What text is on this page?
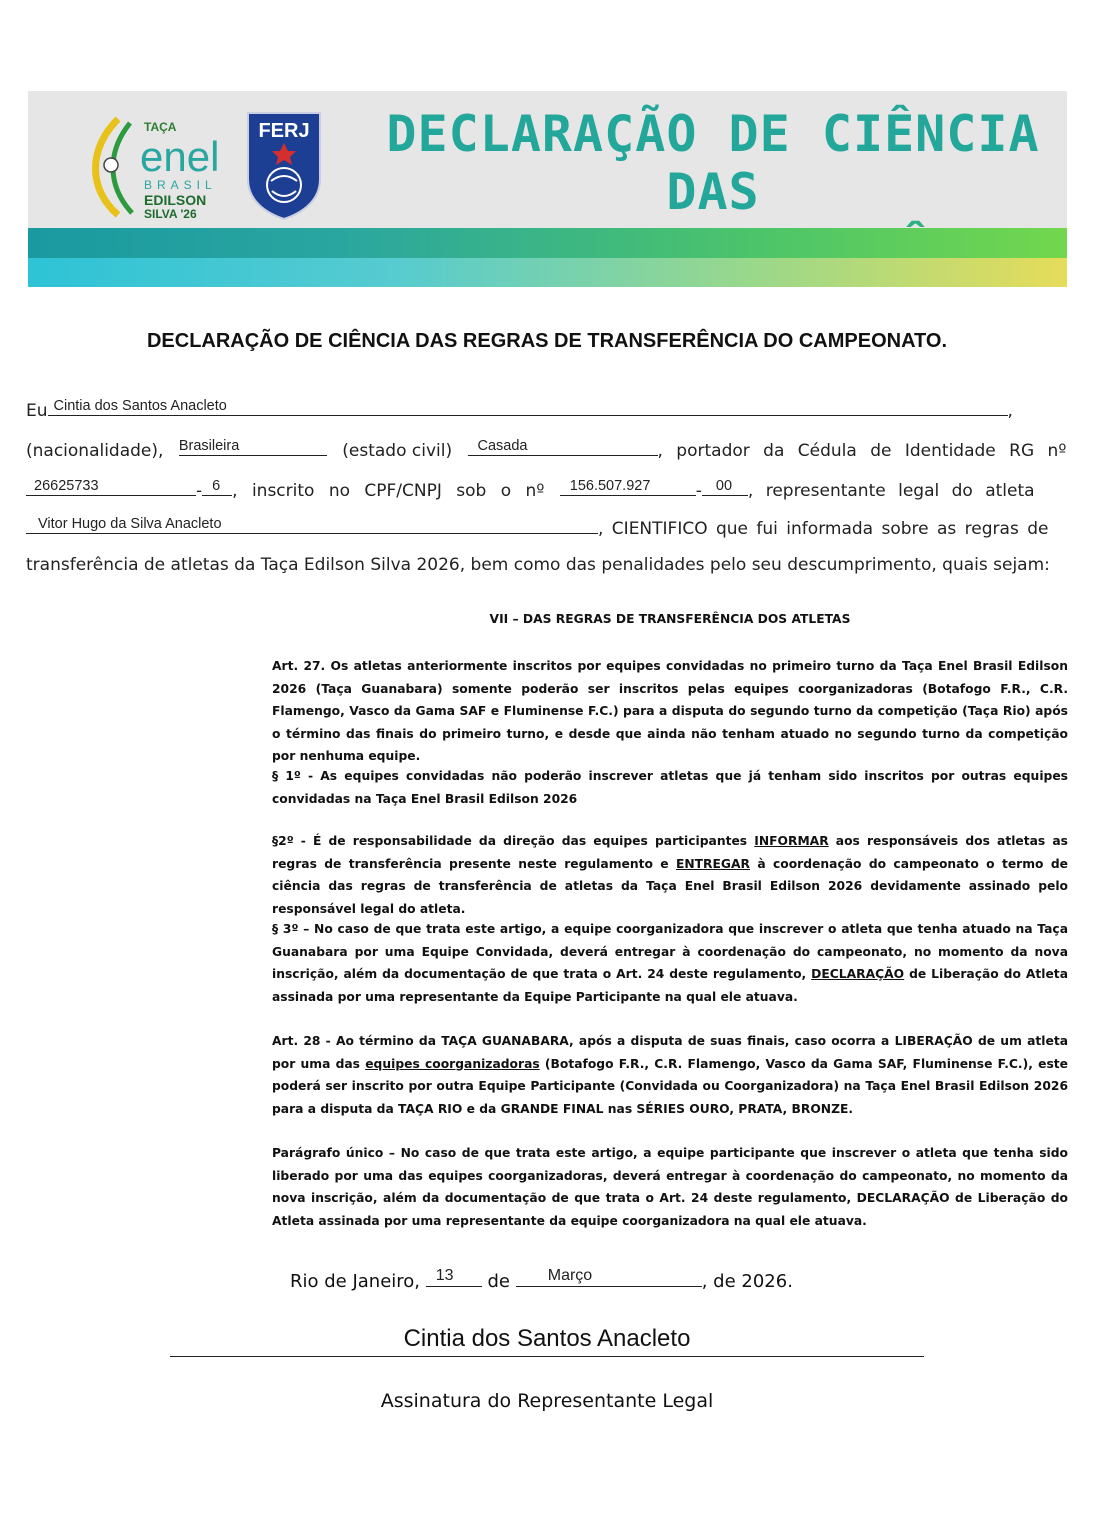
TAÇA
enel
BRASIL
EDILSON
SILVA '26
FERJ	DECLARAÇÃO DE CIÊNCIA DAS
DECLARAÇÃO DE CIÊNCIA DAS REGRAS DE TRANSFERÊNCIA DO CAMPEONATO.
Eu Cintia dos Santos Anacleto	,
(nacionalidade), Brasileira	(estado civil) Casada	, portador da Cédula de Identidade RG nº
26625733	- 6 , inscrito no CPF/CNPJ sob o nº 156.507.927	- 00 , representante legal do atleta
Vitor Hugo da Silva Anacleto	, CIENTIFICO que fui informada sobre as regras de
transferência de atletas da Taça Edilson Silva 2026, bem como das penalidades pelo seu descumprimento, quais sejam:
VII – DAS REGRAS DE TRANSFERÊNCIA DOS ATLETAS
Art. 27. Os atletas anteriormente inscritos por equipes convidadas no primeiro turno da Taça Enel Brasil Edilson 2026 (Taça Guanabara) somente poderão ser inscritos pelas equipes coorganizadoras (Botafogo F.R., C.R. Flamengo, Vasco da Gama SAF e Fluminense F.C.) para a disputa do segundo turno da competição (Taça Rio) após o término das finais do primeiro turno, e desde que ainda não tenham atuado no segundo turno da competição por nenhuma equipe.
§ 1º - As equipes convidadas não poderão inscrever atletas que já tenham sido inscritos por outras equipes convidadas na Taça Enel Brasil Edilson 2026
§2º - É de responsabilidade da direção das equipes participantes INFORMAR aos responsáveis dos atletas as regras de transferência presente neste regulamento e ENTREGAR à coordenação do campeonato o termo de ciência das regras de transferência de atletas da Taça Enel Brasil Edilson 2026 devidamente assinado pelo responsável legal do atleta.
§ 3º – No caso de que trata este artigo, a equipe coorganizadora que inscrever o atleta que tenha atuado na Taça Guanabara por uma Equipe Convidada, deverá entregar à coordenação do campeonato, no momento da nova inscrição, além da documentação de que trata o Art. 24 deste regulamento, DECLARAÇÃO de Liberação do Atleta assinada por uma representante da Equipe Participante na qual ele atuava.
Art. 28 - Ao término da TAÇA GUANABARA, após a disputa de suas finais, caso ocorra a LIBERAÇÃO de um atleta por uma das equipes coorganizadoras (Botafogo F.R., C.R. Flamengo, Vasco da Gama SAF, Fluminense F.C.), este poderá ser inscrito por outra Equipe Participante (Convidada ou Coorganizadora) na Taça Enel Brasil Edilson 2026 para a disputa da TAÇA RIO e da GRANDE FINAL nas SÉRIES OURO, PRATA, BRONZE.
Parágrafo único – No caso de que trata este artigo, a equipe participante que inscrever o atleta que tenha sido liberado por uma das equipes coorganizadoras, deverá entregar à coordenação do campeonato, no momento da nova inscrição, além da documentação de que trata o Art. 24 deste regulamento, DECLARAÇÃO de Liberação do Atleta assinada por uma representante da equipe coorganizadora na qual ele atuava.
Rio de Janeiro, 13 de Março	, de 2026.
Cintia dos Santos Anacleto
Assinatura do Representante Legal
